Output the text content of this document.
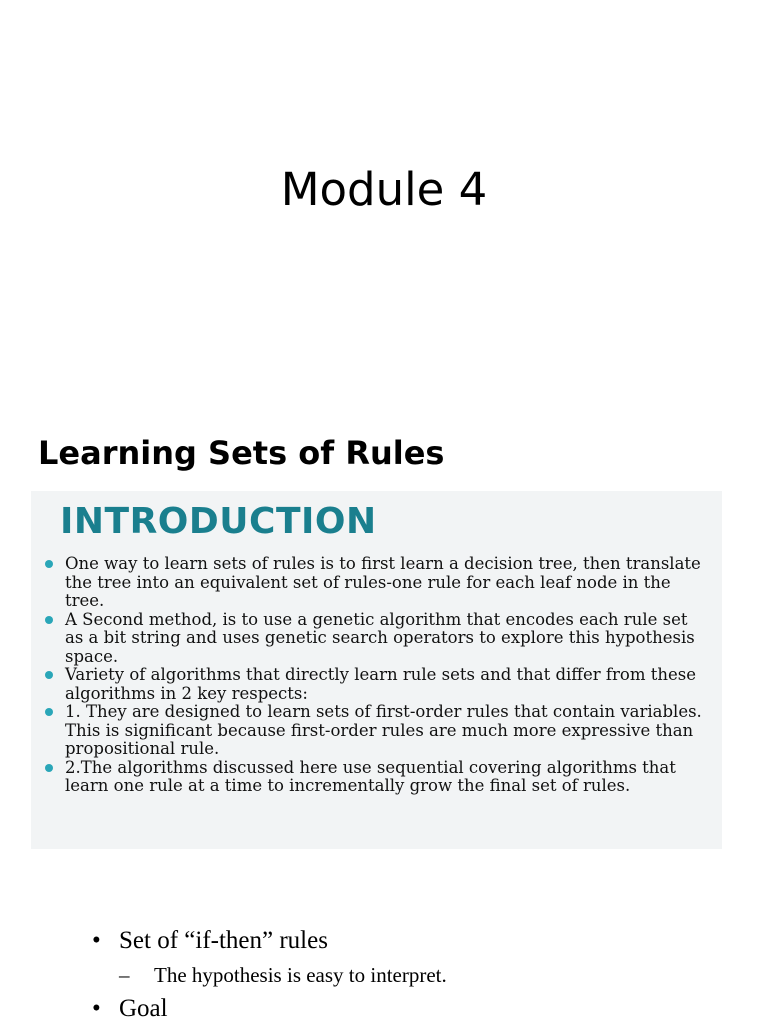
Module 4
Learning Sets of Rules
INTRODUCTION
One way to learn sets of rules is to first learn a decision tree, then translate the tree into an equivalent set of rules-one rule for each leaf node in the tree.
A Second method, is to use a genetic algorithm that encodes each rule set as a bit string and uses genetic search operators to explore this hypothesis space.
Variety of algorithms that directly learn rule sets and that differ from these algorithms in 2 key respects:
1. They are designed to learn sets of first-order rules that contain variables. This is significant because first-order rules are much more expressive than propositional rule.
2.The algorithms discussed here use sequential covering algorithms that learn one rule at a time to incrementally grow the final set of rules.
• Set of “if-then” rules
– The hypothesis is easy to interpret.
• Goal
